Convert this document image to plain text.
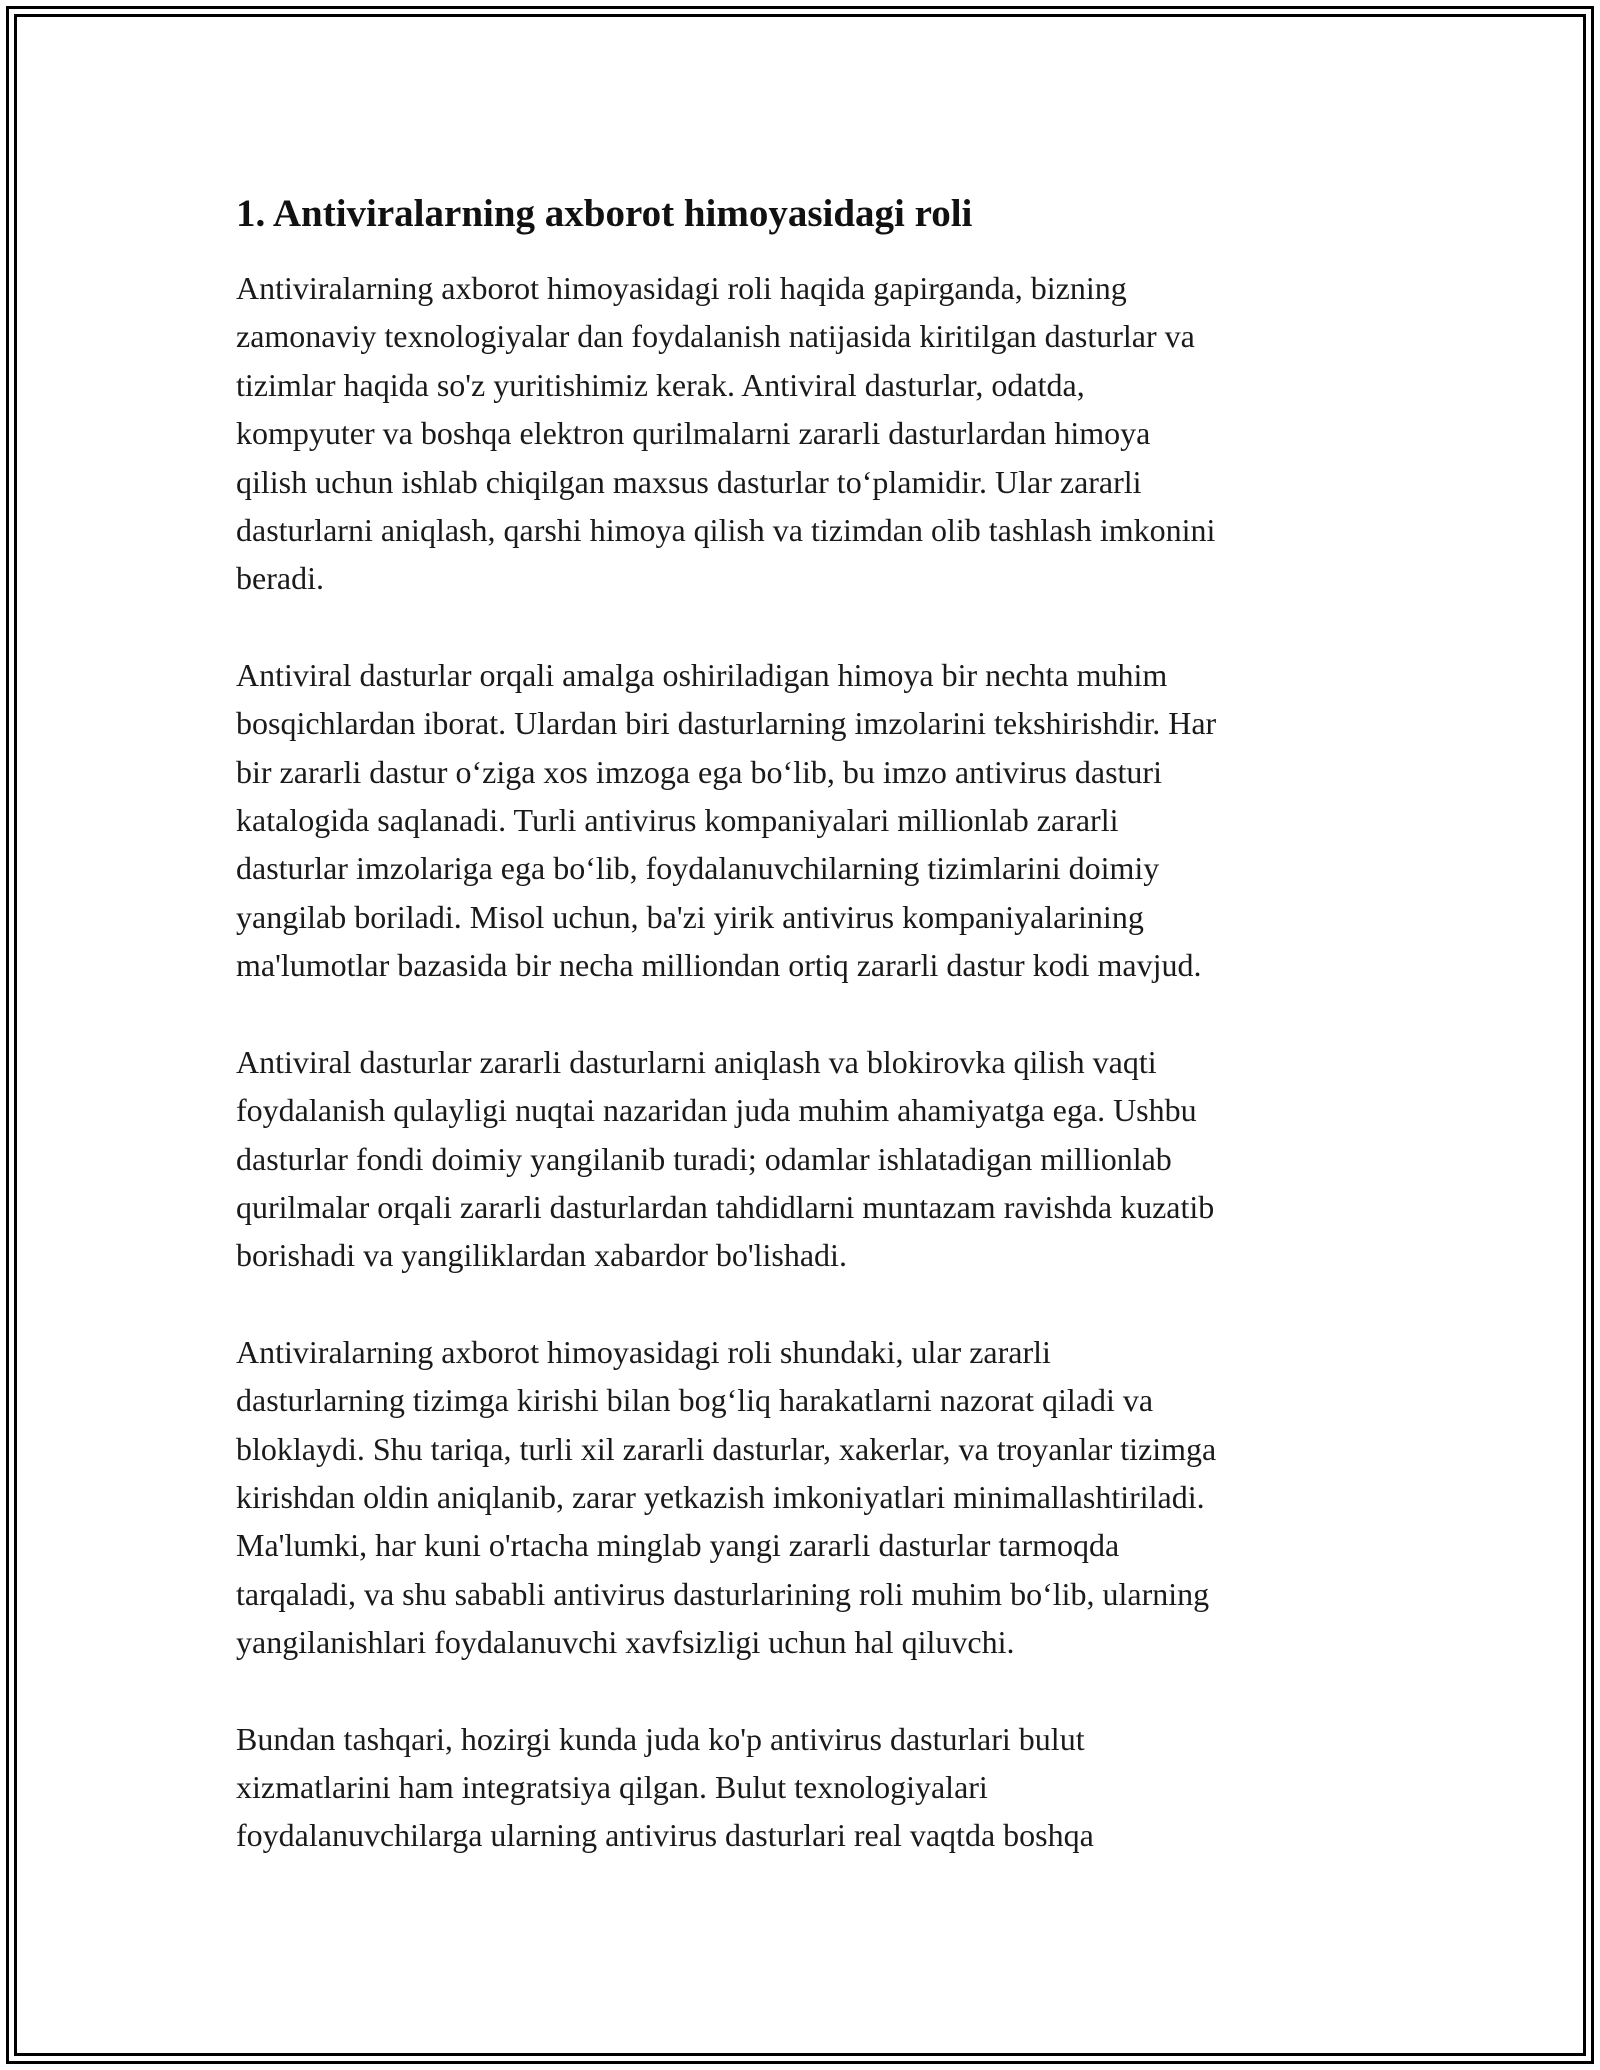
1. Antiviralarning axborot himoyasidagi roli

Antiviralarning axborot himoyasidagi roli haqida gapirganda, bizning
zamonaviy texnologiyalar dan foydalanish natijasida kiritilgan dasturlar va
tizimlar haqida so'z yuritishimiz kerak. Antiviral dasturlar, odatda,
kompyuter va boshqa elektron qurilmalarni zararli dasturlardan himoya
qilish uchun ishlab chiqilgan maxsus dasturlar to‘plamidir. Ular zararli
dasturlarni aniqlash, qarshi himoya qilish va tizimdan olib tashlash imkonini
beradi.

Antiviral dasturlar orqali amalga oshiriladigan himoya bir nechta muhim
bosqichlardan iborat. Ulardan biri dasturlarning imzolarini tekshirishdir. Har
bir zararli dastur o‘ziga xos imzoga ega bo‘lib, bu imzo antivirus dasturi
katalogida saqlanadi. Turli antivirus kompaniyalari millionlab zararli
dasturlar imzolariga ega bo‘lib, foydalanuvchilarning tizimlarini doimiy
yangilab boriladi. Misol uchun, ba'zi yirik antivirus kompaniyalarining
ma'lumotlar bazasida bir necha milliondan ortiq zararli dastur kodi mavjud.

Antiviral dasturlar zararli dasturlarni aniqlash va blokirovka qilish vaqti
foydalanish qulayligi nuqtai nazaridan juda muhim ahamiyatga ega. Ushbu
dasturlar fondi doimiy yangilanib turadi; odamlar ishlatadigan millionlab
qurilmalar orqali zararli dasturlardan tahdidlarni muntazam ravishda kuzatib
borishadi va yangiliklardan xabardor bo'lishadi.

Antiviralarning axborot himoyasidagi roli shundaki, ular zararli
dasturlarning tizimga kirishi bilan bog‘liq harakatlarni nazorat qiladi va
bloklaydi. Shu tariqa, turli xil zararli dasturlar, xakerlar, va troyanlar tizimga
kirishdan oldin aniqlanib, zarar yetkazish imkoniyatlari minimallashtiriladi.
Ma'lumki, har kuni o'rtacha minglab yangi zararli dasturlar tarmoqda
tarqaladi, va shu sababli antivirus dasturlarining roli muhim bo‘lib, ularning
yangilanishlari foydalanuvchi xavfsizligi uchun hal qiluvchi.

Bundan tashqari, hozirgi kunda juda ko'p antivirus dasturlari bulut
xizmatlarini ham integratsiya qilgan. Bulut texnologiyalari
foydalanuvchilarga ularning antivirus dasturlari real vaqtda boshqa
